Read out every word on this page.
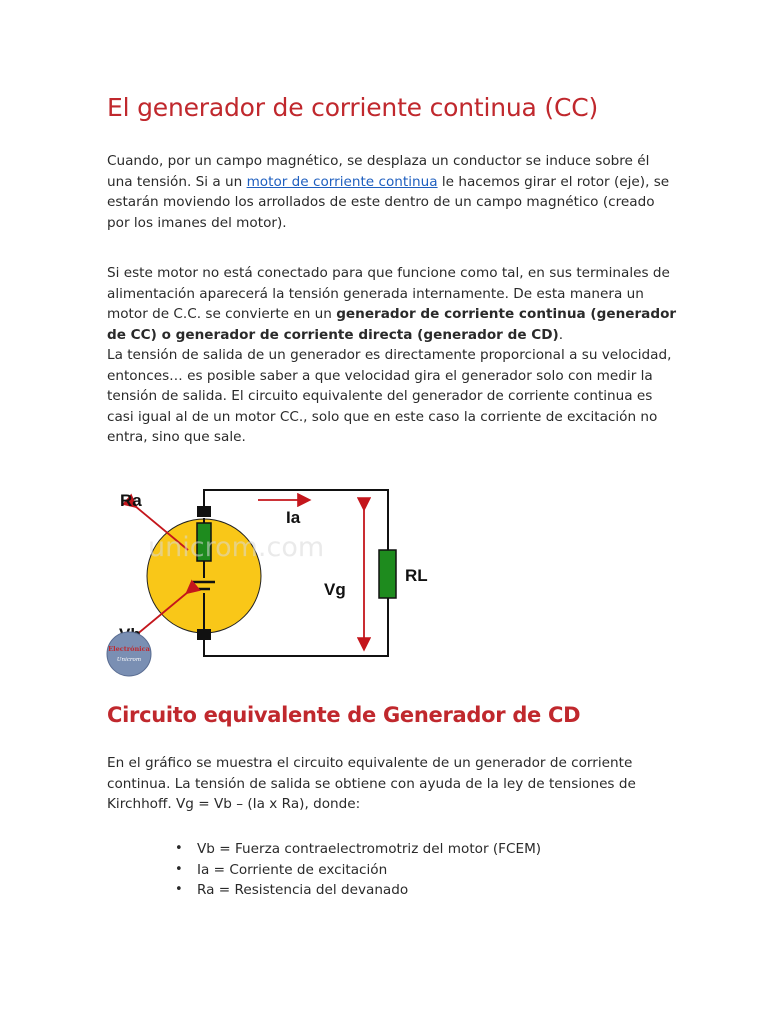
El generador de corriente continua (CC)

Cuando, por un campo magnético, se desplaza un conductor se induce sobre él
una tensión. Si a un motor de corriente continua le hacemos girar el rotor (eje), se
estarán moviendo los arrollados de este dentro de un campo magnético (creado
por los imanes del motor).

Si este motor no está conectado para que funcione como tal, en sus terminales de
alimentación aparecerá la tensión generada internamente. De esta manera un
motor de C.C. se convierte en un generador de corriente continua (generador
de CC) o generador de corriente directa (generador de CD).
La tensión de salida de un generador es directamente proporcional a su velocidad,
entonces… es posible saber a que velocidad gira el generador solo con medir la
tensión de salida. El circuito equivalente del generador de corriente continua es
casi igual al de un motor CC., solo que en este caso la corriente de excitación no
entra, sino que sale.

unicrom.com
Ra
Ia
Vg
RL
Electrónica
Unicrom
Circuito equivalente de Generador de CD

En el gráfico se muestra el circuito equivalente de un generador de corriente
continua. La tensión de salida se obtiene con ayuda de la ley de tensiones de
Kirchhoff. Vg = Vb – (Ia x Ra), donde:

• Vb = Fuerza contraelectromotriz del motor (FCEM)
• Ia = Corriente de excitación
• Ra = Resistencia del devanado
